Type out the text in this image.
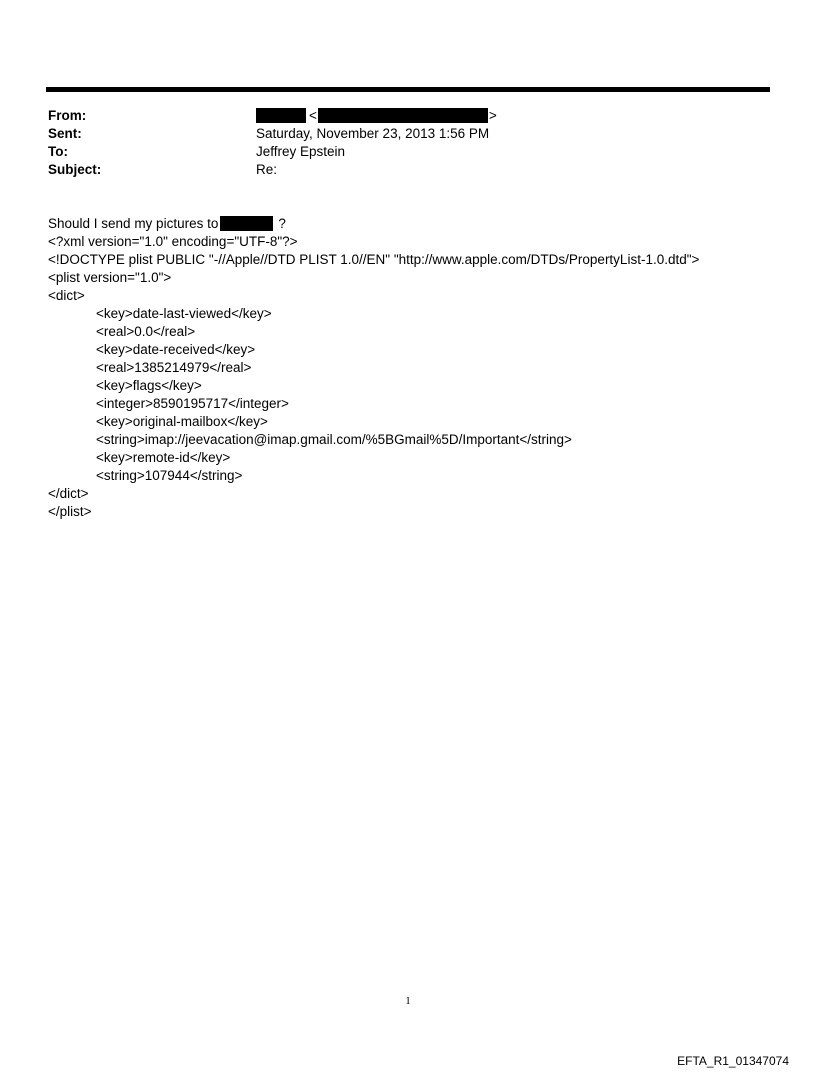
From:	<	>
Sent:	Saturday, November 23, 2013 1:56 PM
To:	Jeffrey Epstein
Subject:	Re:
Should I send my pictures to	?
<?xml version="1.0" encoding="UTF-8"?>
<!DOCTYPE plist PUBLIC "-//Apple//DTD PLIST 1.0//EN" "http://www.apple.com/DTDs/PropertyList-1.0.dtd">
<plist version="1.0">
<dict>
<key>date-last-viewed</key>
<real>0.0</real>
<key>date-received</key>
<real>1385214979</real>
<key>flags</key>
<integer>8590195717</integer>
<key>original-mailbox</key>
<string>imap://jeevacation@imap.gmail.com/%5BGmail%5D/Important</string>
<key>remote-id</key>
<string>107944</string>
</dict>
</plist>
1
EFTA_R1_01347074
